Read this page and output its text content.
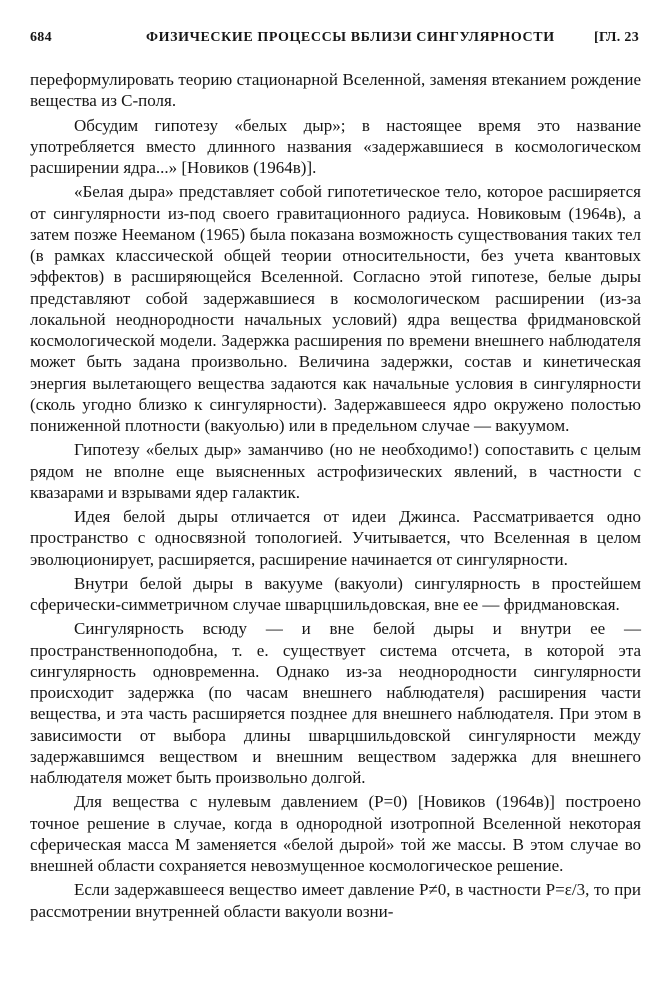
684	ФИЗИЧЕСКИЕ ПРОЦЕССЫ ВБЛИЗИ СИНГУЛЯРНОСТИ	[ГЛ. 23

переформулировать теорию стационарной Вселенной, заменяя втеканием рождение вещества из C-поля.

Обсудим гипотезу «белых дыр»; в настоящее время это название употребляется вместо длинного названия «задержавшиеся в космологическом расширении ядра...» [Новиков (1964в)].

«Белая дыра» представляет собой гипотетическое тело, которое расширяется от сингулярности из-под своего гравитационного радиуса. Новиковым (1964в), а затем позже Нееманом (1965) была показана возможность существования таких тел (в рамках классической общей теории относительности, без учета квантовых эффектов) в расширяющейся Вселенной. Согласно этой гипотезе, белые дыры представляют собой задержавшиеся в космологическом расширении (из-за локальной неоднородности начальных условий) ядра вещества фридмановской космологической модели. Задержка расширения по времени внешнего наблюдателя может быть задана произвольно. Величина задержки, состав и кинетическая энергия вылетающего вещества задаются как начальные условия в сингулярности (сколь угодно близко к сингулярности). Задержавшееся ядро окружено полостью пониженной плотности (вакуолью) или в предельном случае — вакуумом.

Гипотезу «белых дыр» заманчиво (но не необходимо!) сопоставить с целым рядом не вполне еще выясненных астрофизических явлений, в частности с квазарами и взрывами ядер галактик.

Идея белой дыры отличается от идеи Джинса. Рассматривается одно пространство с односвязной топологией. Учитывается, что Вселенная в целом эволюционирует, расширяется, расширение начинается от сингулярности.

Внутри белой дыры в вакууме (вакуоли) сингулярность в простейшем сферически-симметричном случае шварцшильдовская, вне ее — фридмановская.

Сингулярность всюду — и вне белой дыры и внутри ее — пространственноподобна, т. е. существует система отсчета, в которой эта сингулярность одновременна. Однако из-за неоднородности сингулярности происходит задержка (по часам внешнего наблюдателя) расширения части вещества, и эта часть расширяется позднее для внешнего наблюдателя. При этом в зависимости от выбора длины шварцшильдовской сингулярности между задержавшимся веществом и внешним веществом задержка для внешнего наблюдателя может быть произвольно долгой.

Для вещества с нулевым давлением (P=0) [Новиков (1964в)] построено точное решение в случае, когда в однородной изотропной Вселенной некоторая сферическая масса M заменяется «белой дырой» той же массы. В этом случае во внешней области сохраняется невозмущенное космологическое решение.

Если задержавшееся вещество имеет давление P≠0, в частности P=ε/3, то при рассмотрении внутренней области вакуоли возни-
